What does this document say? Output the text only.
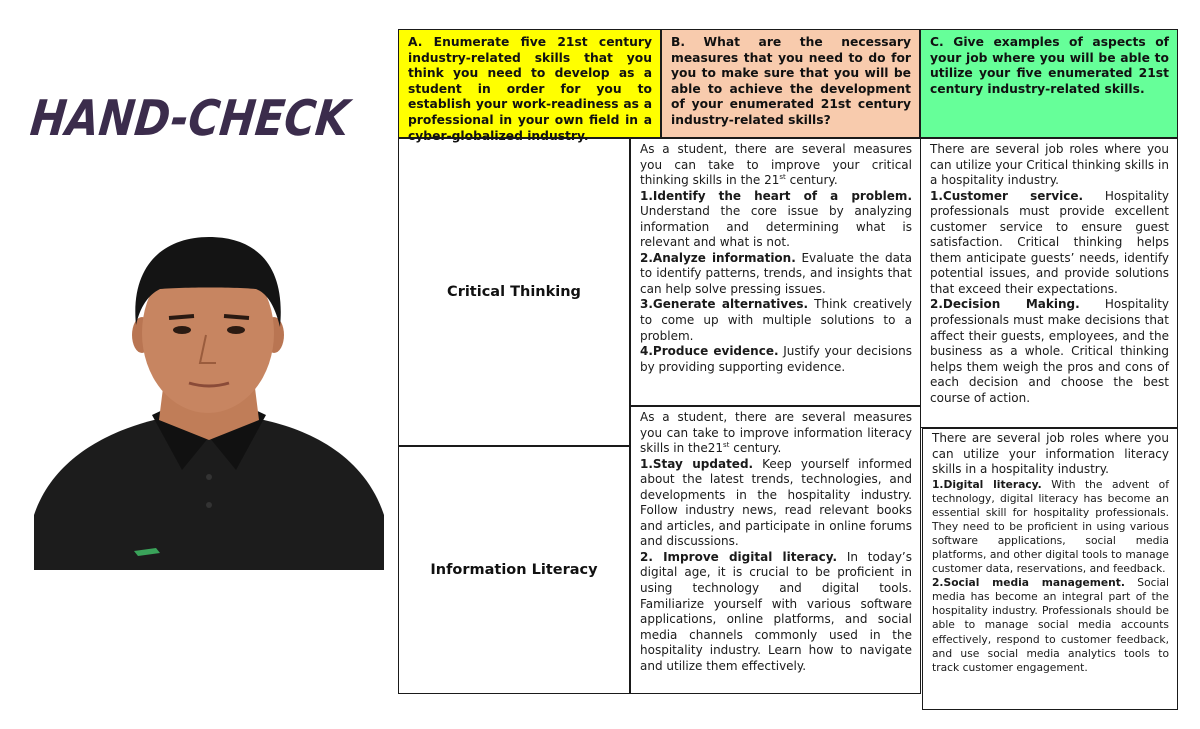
HAND-CHECK
A. Enumerate five 21st century industry-related skills that you think you need to develop as a student in order for you to establish your work-readiness as a professional in your own field in a cyber-globalized industry.
B. What are the necessary measures that you need to do for you to make sure that you will be able to achieve the development of your enumerated 21st century industry-related skills?
C. Give examples of aspects of your job where you will be able to utilize your five enumerated 21st century industry-related skills.
Critical Thinking

As a student, there are several measures you can take to improve your critical thinking skills in the 21st century.

1.Identify the heart of a problem. Understand the core issue by analyzing information and determining what is relevant and what is not.

2.Analyze information. Evaluate the data to identify patterns, trends, and insights that can help solve pressing issues.

3.Generate alternatives. Think creatively to come up with multiple solutions to a problem.

4.Produce evidence. Justify your decisions by providing supporting evidence.

There are several job roles where you can utilize your Critical thinking skills in a hospitality industry.

1.Customer service. Hospitality professionals must provide excellent customer service to ensure guest satisfaction. Critical thinking helps them anticipate guests’ needs, identify potential issues, and provide solutions that exceed their expectations.

2.Decision Making. Hospitality professionals must make decisions that affect their guests, employees, and the business as a whole. Critical thinking helps them weigh the pros and cons of each decision and choose the best course of action.

Information Literacy

As a student, there are several measures you can take to improve information literacy skills in the21st century.

1.Stay updated. Keep yourself informed about the latest trends, technologies, and developments in the hospitality industry. Follow industry news, read relevant books and articles, and participate in online forums and discussions.

2. Improve digital literacy. In today’s digital age, it is crucial to be proficient in using technology and digital tools. Familiarize yourself with various software applications, online platforms, and social media channels commonly used in the hospitality industry. Learn how to navigate and utilize them effectively.

There are several job roles where you can utilize your information literacy skills in a hospitality industry.

1.Digital literacy. With the advent of technology, digital literacy has become an essential skill for hospitality professionals. They need to be proficient in using various software applications, social media platforms, and other digital tools to manage customer data, reservations, and feedback.

2.Social media management. Social media has become an integral part of the hospitality industry. Professionals should be able to manage social media accounts effectively, respond to customer feedback, and use social media analytics tools to track customer engagement.
